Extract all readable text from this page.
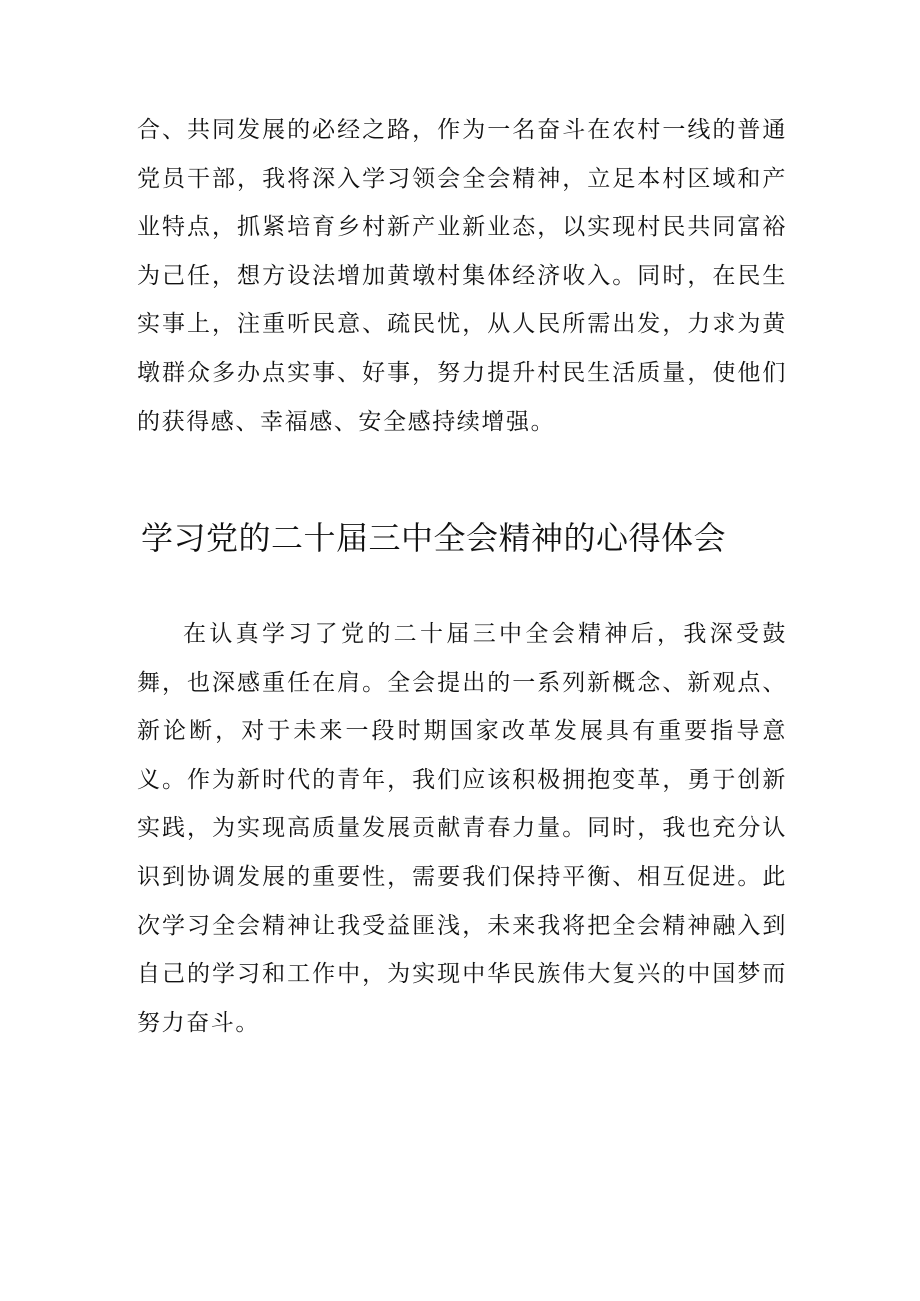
合、共同发展的必经之路，作为一名奋斗在农村一线的普通党员干部，我将深入学习领会全会精神，立足本村区域和产业特点，抓紧培育乡村新产业新业态，以实现村民共同富裕为己任，想方设法增加黄墩村集体经济收入。同时，在民生实事上，注重听民意、疏民忧，从人民所需出发，力求为黄墩群众多办点实事、好事，努力提升村民生活质量，使他们的获得感、幸福感、安全感持续增强。

学习党的二十届三中全会精神的心得体会

在认真学习了党的二十届三中全会精神后，我深受鼓舞，也深感重任在肩。全会提出的一系列新概念、新观点、新论断，对于未来一段时期国家改革发展具有重要指导意义。作为新时代的青年，我们应该积极拥抱变革，勇于创新实践，为实现高质量发展贡献青春力量。同时，我也充分认识到协调发展的重要性，需要我们保持平衡、相互促进。此次学习全会精神让我受益匪浅，未来我将把全会精神融入到自己的学习和工作中，为实现中华民族伟大复兴的中国梦而努力奋斗。
